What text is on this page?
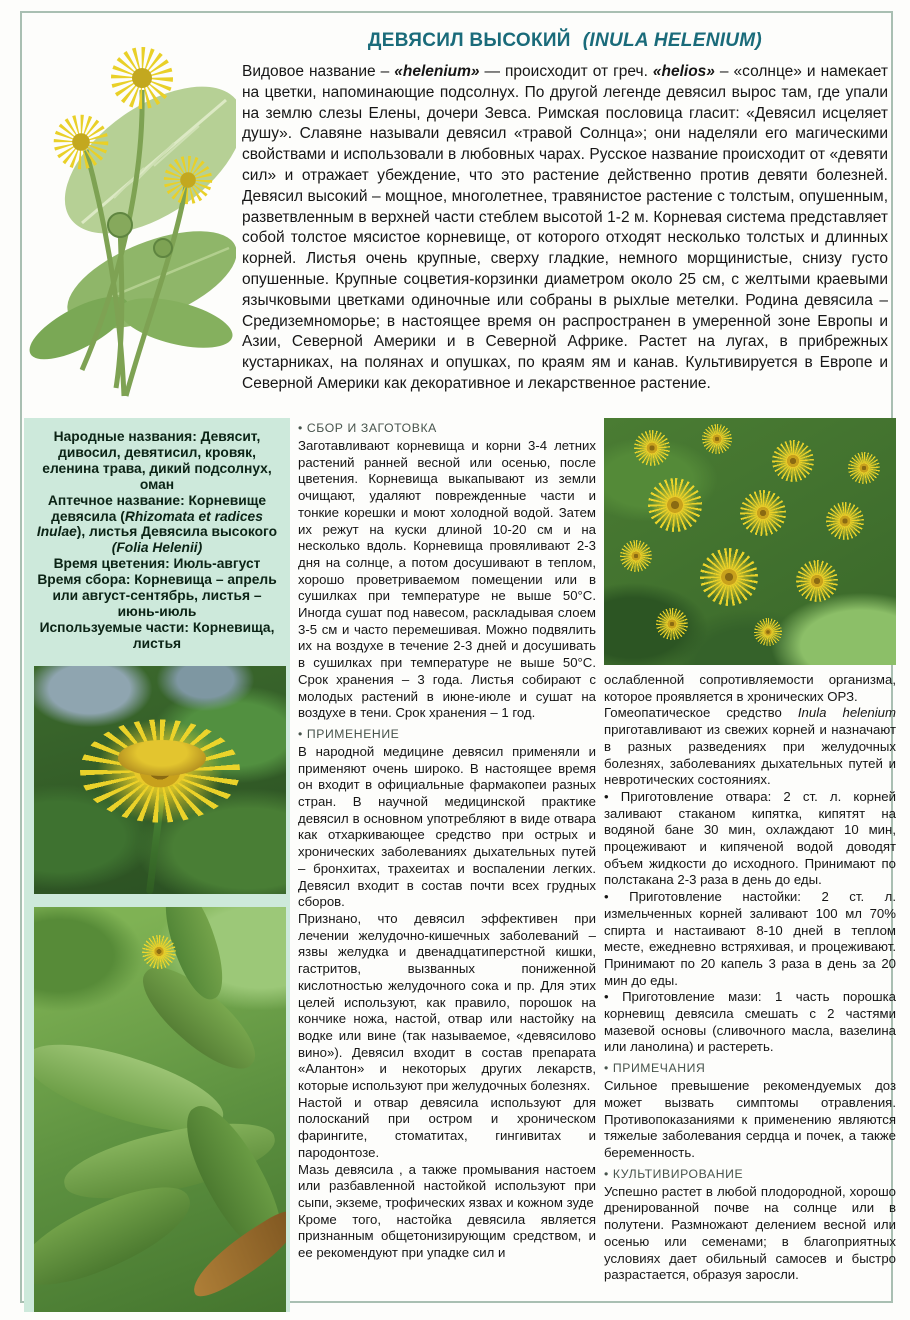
ДЕВЯСИЛ ВЫСОКИЙ (INULA HELENIUM)
Видовое название – «helenium» — происходит от греч. «helios» – «солнце» и намекает на цветки, напоминающие подсолнух. По другой легенде девясил вырос там, где упали на землю слезы Елены, дочери Зевса. Римская пословица гласит: «Девясил исцеляет душу». Славяне называли девясил «травой Солнца»; они наделяли его магическими свойствами и использовали в любовных чарах. Русское название происходит от «девяти сил» и отражает убеждение, что это растение действенно против девяти болезней. Девясил высокий – мощное, многолетнее, травянистое растение с толстым, опушенным, разветвленным в верхней части стеблем высотой 1-2 м. Корневая система представляет собой толстое мясистое корневище, от которого отходят несколько толстых и длинных корней. Листья очень крупные, сверху гладкие, немного морщинистые, снизу густо опушенные. Крупные соцветия-корзинки диаметром около 25 см, с желтыми краевыми язычковыми цветками одиночные или собраны в рыхлые метелки. Родина девясила – Средиземноморье; в настоящее время он распространен в умеренной зоне Европы и Азии, Северной Америки и в Северной Африке. Растет на лугах, в прибрежных кустарниках, на полянах и опушках, по краям ям и канав. Культивируется в Европе и Северной Америки как декоративное и лекарственное растение.
Народные названия: Девясит, дивосил, девятисил, кровяк, еленина трава, дикий подсолнух, оман
Аптечное название: Корневище девясила (Rhizomata et radices Inulae), листья Девясила высокого (Folia Helenii)
Время цветения: Июль-август
Время сбора: Корневища – апрель или август-сентябрь, листья – июнь-июль
Используемые части: Корневища, листья
• СБОР И ЗАГОТОВКА

Заготавливают корневища и корни 3-4 летних растений ранней весной или осенью, после цветения. Корневища выкапывают из земли очищают, удаляют поврежденные части и тонкие корешки и моют холодной водой. Затем их режут на куски длиной 10-20 см и на несколько вдоль. Корневища провяливают 2-3 дня на солнце, а потом досушивают в теплом, хорошо проветриваемом помещении или в сушилках при температуре не выше 50°С. Иногда сушат под навесом, раскладывая слоем 3-5 см и часто перемешивая. Можно подвялить их на воздухе в течение 2-3 дней и досушивать в сушилках при температуре не выше 50°С. Срок хранения – 3 года. Листья собирают с молодых растений в июне-июле и сушат на воздухе в тени. Срок хранения – 1 год.

• ПРИМЕНЕНИЕ

В народной медицине девясил применяли и применяют очень широко. В настоящее время он входит в официальные фармакопеи разных стран. В научной медицинской практике девясил в основном употребляют в виде отвара как отхаркивающее средство при острых и хронических заболеваниях дыхательных путей – бронхитах, трахеитах и воспалении легких. Девясил входит в состав почти всех грудных сборов.

Признано, что девясил эффективен при лечении желудочно-кишечных заболеваний – язвы желудка и двенадцатиперстной кишки, гастритов, вызванных пониженной кислотностью желудочного сока и пр. Для этих целей используют, как правило, порошок на кончике ножа, настой, отвар или настойку на водке или вине (так называемое, «девясилово вино»). Девясил входит в состав препарата «Алантон» и некоторых других лекарств, которые используют при желудочных болезнях.

Настой и отвар девясила используют для полосканий при остром и хроническом фарингите, стоматитах, гингивитах и пародонтозе.

Мазь девясила , а также промывания настоем или разбавленной настойкой используют при сыпи, экземе, трофических язвах и кожном зуде

Кроме того, настойка девясила является признанным общетонизирующим средством, и ее рекомендуют при упадке сил и

ослабленной сопротивляемости организма, которое проявляется в хронических ОРЗ.

Гомеопатическое средство Inula helenium приготавливают из свежих корней и назначают в разных разведениях при желудочных болезнях, заболеваниях дыхательных путей и невротических состояниях.

• Приготовление отвара: 2 ст. л. корней заливают стаканом кипятка, кипятят на водяной бане 30 мин, охлаждают 10 мин, процеживают и кипяченой водой доводят объем жидкости до исходного. Принимают по полстакана 2-3 раза в день до еды.

• Приготовление настойки: 2 ст. л. измельченных корней заливают 100 мл 70% спирта и настаивают 8-10 дней в теплом месте, ежедневно встряхивая, и процеживают. Принимают по 20 капель 3 раза в день за 20 мин до еды.

• Приготовление мази: 1 часть порошка корневищ девясила смешать с 2 частями мазевой основы (сливочного масла, вазелина или ланолина) и растереть.

• ПРИМЕЧАНИЯ

Сильное превышение рекомендуемых доз может вызвать симптомы отравления. Противопоказаниями к применению являются тяжелые заболевания сердца и почек, а также беременность.

• КУЛЬТИВИРОВАНИЕ

Успешно растет в любой плодородной, хорошо дренированной почве на солнце или в полутени. Размножают делением весной или осенью или семенами; в благоприятных условиях дает обильный самосев и быстро разрастается, образуя заросли.
